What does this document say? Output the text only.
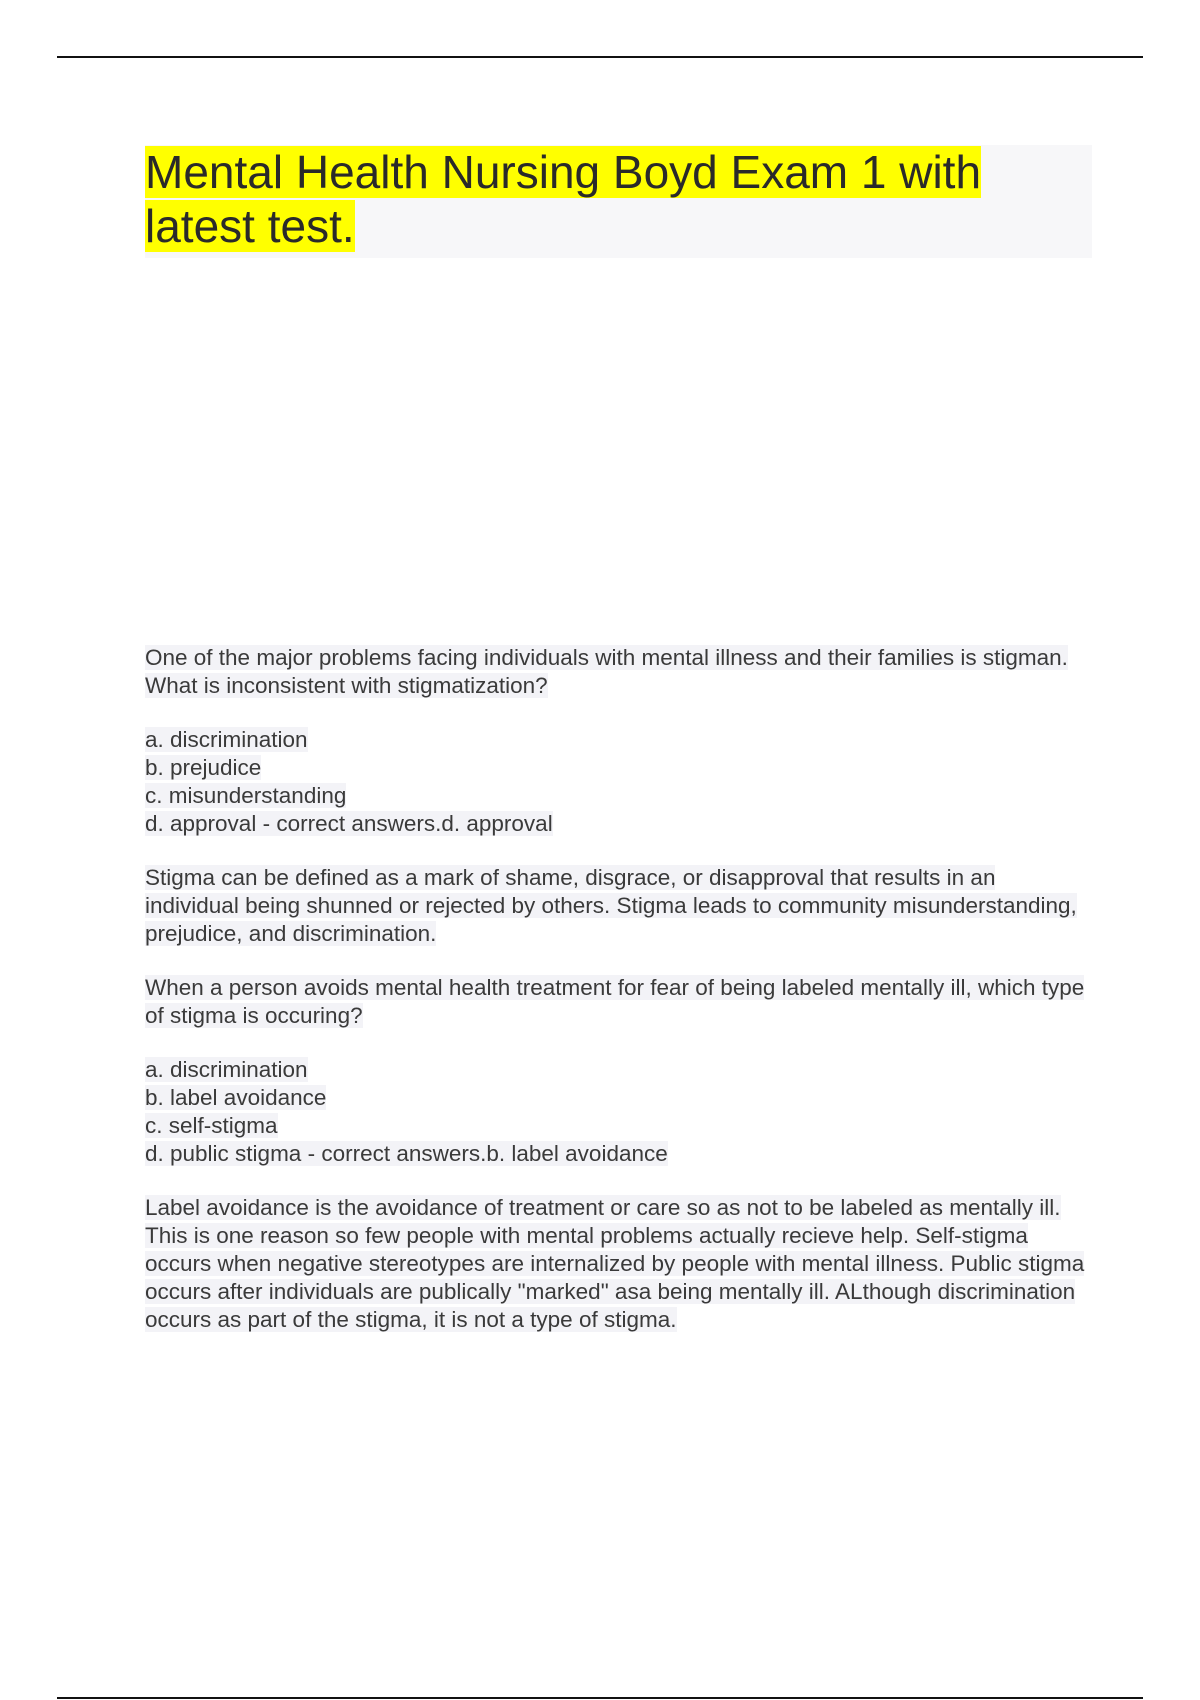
Mental Health Nursing Boyd Exam 1 with latest test.

One of the major problems facing individuals with mental illness and their families is stigman. What is inconsistent with stigmatization?

a. discrimination
b. prejudice
c. misunderstanding
d. approval - correct answers.d. approval

Stigma can be defined as a mark of shame, disgrace, or disapproval that results in an individual being shunned or rejected by others. Stigma leads to community misunderstanding, prejudice, and discrimination.

When a person avoids mental health treatment for fear of being labeled mentally ill, which type of stigma is occuring?

a. discrimination
b. label avoidance
c. self-stigma
d. public stigma - correct answers.b. label avoidance

Label avoidance is the avoidance of treatment or care so as not to be labeled as mentally ill. This is one reason so few people with mental problems actually recieve help. Self-stigma occurs when negative stereotypes are internalized by people with mental illness. Public stigma occurs after individuals are publically "marked" asa being mentally ill. ALthough discrimination occurs as part of the stigma, it is not a type of stigma.
